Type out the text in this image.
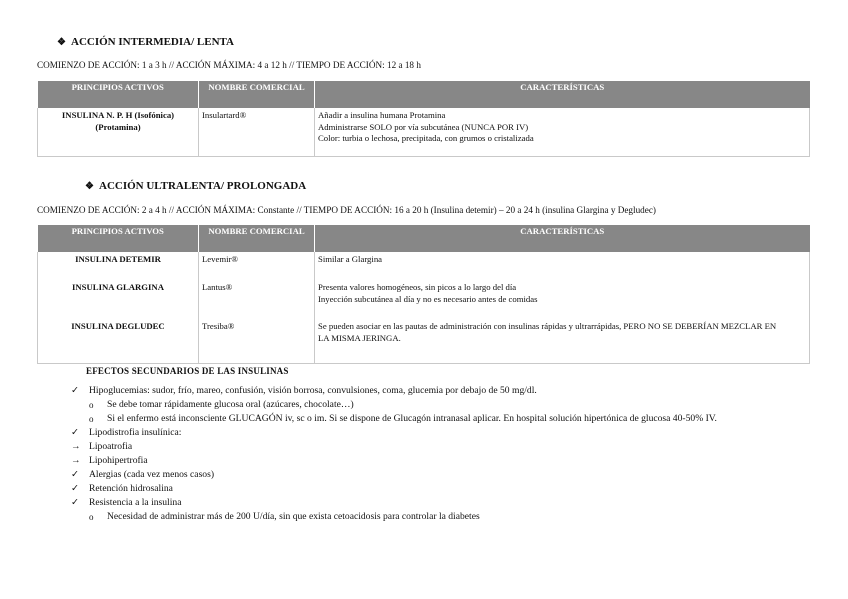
❖ ACCIÓN INTERMEDIA/ LENTA
COMIENZO DE ACCIÓN: 1 a 3 h // ACCIÓN MÁXIMA: 4 a 12 h // TIEMPO DE ACCIÓN: 12 a 18 h
PRINCIPIOS ACTIVOS	NOMBRE COMERCIAL	CARACTERÍSTICAS
INSULINA N. P. H (Isofónica) (Protamina)	Insulartard®	Añadir a insulina humana Protamina
Administrarse SOLO por vía subcutánea (NUNCA POR IV)
Color: turbia o lechosa, precipitada, con grumos o cristalizada
❖ ACCIÓN ULTRALENTA/ PROLONGADA
COMIENZO DE ACCIÓN: 2 a 4 h // ACCIÓN MÁXIMA: Constante // TIEMPO DE ACCIÓN: 16 a 20 h (Insulina detemir) – 20 a 24 h (insulina Glargina y Degludec)
PRINCIPIOS ACTIVOS	NOMBRE COMERCIAL	CARACTERÍSTICAS
INSULINA DETEMIR	Levemir®	Similar a Glargina

INSULINA GLARGINA	Lantus®	Presenta valores homogéneos, sin picos a lo largo del día
Inyección subcutánea al día y no es necesario antes de comidas

INSULINA DEGLUDEC	Tresiba®	Se pueden asociar en las pautas de administración con insulinas rápidas y ultrarrápidas, PERO NO SE DEBERÍAN MEZCLAR EN LA MISMA JERINGA.
EFECTOS SECUNDARIOS DE LAS INSULINAS
✓ Hipoglucemias: sudor, frío, mareo, confusión, visión borrosa, convulsiones, coma, glucemia por debajo de 50 mg/dl.
o Se debe tomar rápidamente glucosa oral (azúcares, chocolate…)
o Si el enfermo está inconsciente GLUCAGÓN iv, sc o im. Si se dispone de Glucagón intranasal aplicar. En hospital solución hipertónica de glucosa 40-50% IV.
✓ Lipodistrofia insulínica:
→ Lipoatrofia
→ Lipohipertrofia
✓ Alergias (cada vez menos casos)
✓ Retención hidrosalina
✓ Resistencia a la insulina
o Necesidad de administrar más de 200 U/día, sin que exista cetoacidosis para controlar la diabetes
